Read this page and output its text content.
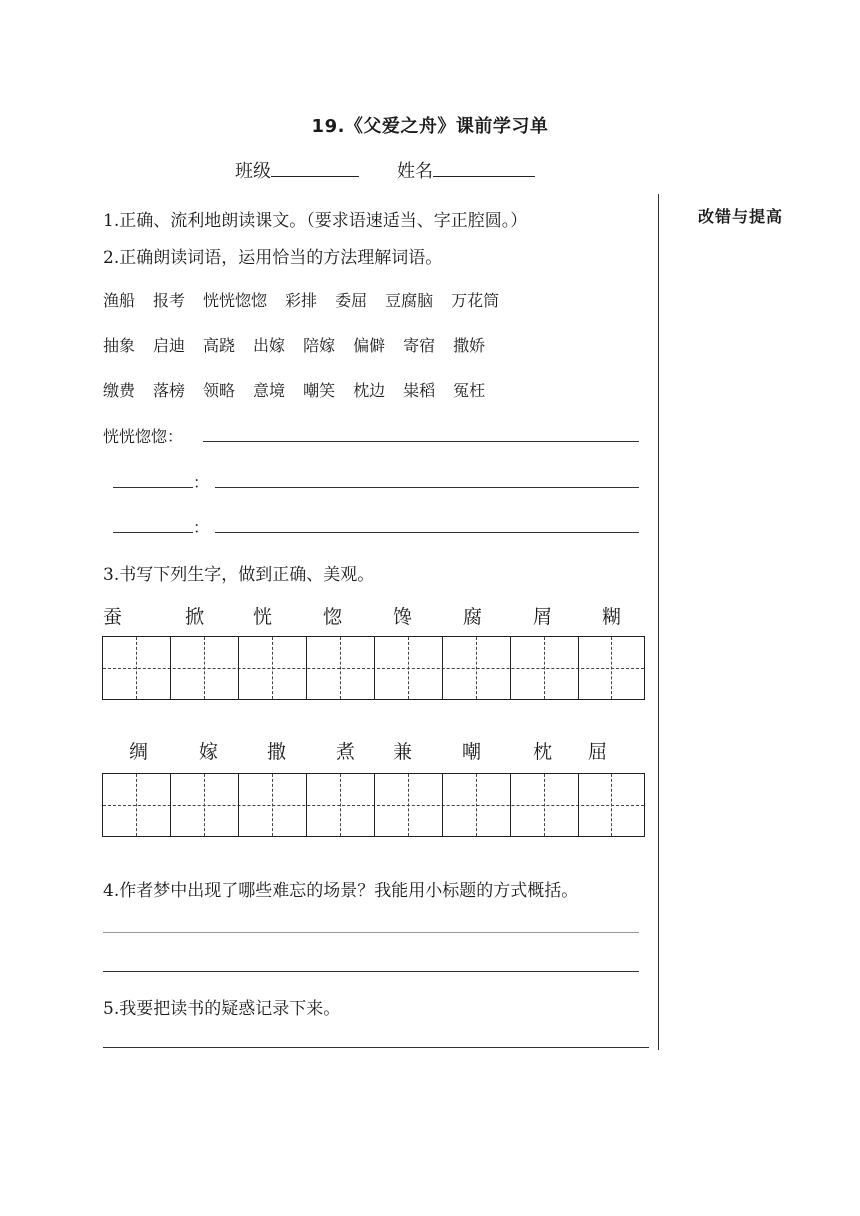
19.《父爱之舟》课前学习单
班级	姓名
改错与提高
1.正确、流利地朗读课文。（要求语速适当、字正腔圆。）
2.正确朗读词语，运用恰当的方法理解词语。
渔船 报考 恍恍惚惚 彩排 委屈 豆腐脑 万花筒
抽象 启迪 高跷 出嫁 陪嫁 偏僻 寄宿 撒娇
缴费 落榜 领略 意境 嘲笑 枕边 粜稻 冤枉
恍恍惚惚：
：
：
3.书写下列生字，做到正确、美观。
蚕	掀	恍	惚	馋	腐	屑	糊
绸	嫁	撒	煮 兼	嘲	枕 屈
4.作者梦中出现了哪些难忘的场景？我能用小标题的方式概括。
5.我要把读书的疑惑记录下来。
